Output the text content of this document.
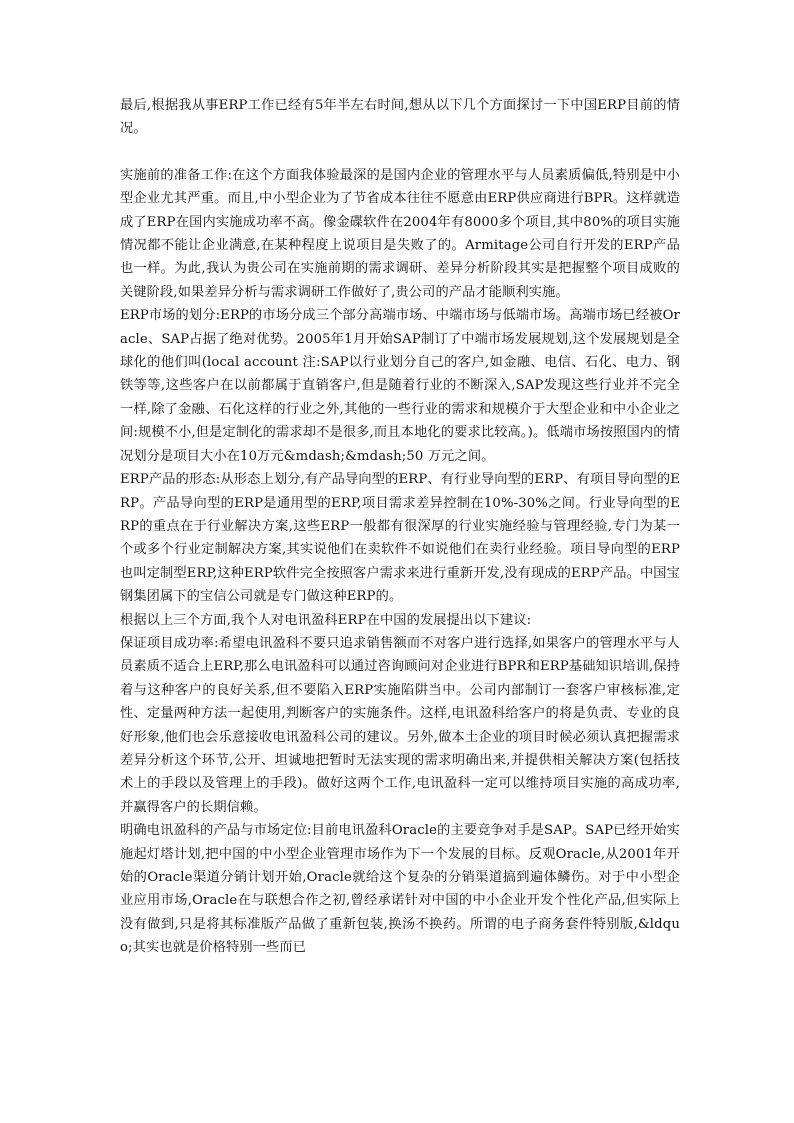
最后,根据我从事ERP工作已经有5年半左右时间,想从以下几个方面探讨一下中国ERP目前的情况。

实施前的准备工作:在这个方面我体验最深的是国内企业的管理水平与人员素质偏低,特别是中小型企业尤其严重。而且,中小型企业为了节省成本往往不愿意由ERP供应商进行BPR。这样就造成了ERP在国内实施成功率不高。像金碟软件在2004年有8000多个项目,其中80%的项目实施情况都不能让企业满意,在某种程度上说项目是失败了的。Armitage公司自行开发的ERP产品也一样。为此,我认为贵公司在实施前期的需求调研、差异分析阶段其实是把握整个项目成败的关键阶段,如果差异分析与需求调研工作做好了,贵公司的产品才能顺利实施。

ERP市场的划分:ERP的市场分成三个部分高端市场、中端市场与低端市场。高端市场已经被Oracle、SAP占据了绝对优势。2005年1月开始SAP制订了中端市场发展规划,这个发展规划是全球化的他们叫(local account 注:SAP以行业划分自己的客户,如金融、电信、石化、电力、钢铁等等,这些客户在以前都属于直销客户,但是随着行业的不断深入,SAP发现这些行业并不完全一样,除了金融、石化这样的行业之外,其他的一些行业的需求和规模介于大型企业和中小企业之间:规模不小,但是定制化的需求却不是很多,而且本地化的要求比较高。)。低端市场按照国内的情况划分是项目大小在10万元&mdash;&mdash;50 万元之间。

ERP产品的形态:从形态上划分,有产品导向型的ERP、有行业导向型的ERP、有项目导向型的ERP。产品导向型的ERP是通用型的ERP,项目需求差异控制在10%-30%之间。行业导向型的ERP的重点在于行业解决方案,这些ERP一般都有很深厚的行业实施经验与管理经验,专门为某一个或多个行业定制解决方案,其实说他们在卖软件不如说他们在卖行业经验。项目导向型的ERP也叫定制型ERP,这种ERP软件完全按照客户需求来进行重新开发,没有现成的ERP产品。中国宝钢集团属下的宝信公司就是专门做这种ERP的。

根据以上三个方面,我个人对电讯盈科ERP在中国的发展提出以下建议:

保证项目成功率:希望电讯盈科不要只追求销售额而不对客户进行选择,如果客户的管理水平与人员素质不适合上ERP,那么电讯盈科可以通过咨询顾问对企业进行BPR和ERP基础知识培训,保持着与这种客户的良好关系,但不要陷入ERP实施陷阱当中。公司内部制订一套客户审核标准,定性、定量两种方法一起使用,判断客户的实施条件。这样,电讯盈科给客户的将是负责、专业的良好形象,他们也会乐意接收电讯盈科公司的建议。另外,做本土企业的项目时候必须认真把握需求差异分析这个环节,公开、坦诚地把暂时无法实现的需求明确出来,并提供相关解决方案(包括技术上的手段以及管理上的手段)。做好这两个工作,电讯盈科一定可以维持项目实施的高成功率,并赢得客户的长期信赖。

明确电讯盈科的产品与市场定位:目前电讯盈科Oracle的主要竞争对手是SAP。SAP已经开始实施起灯塔计划,把中国的中小型企业管理市场作为下一个发展的目标。反观Oracle,从2001年开始的Oracle渠道分销计划开始,Oracle就给这个复杂的分销渠道搞到遍体鳞伤。对于中小型企业应用市场,Oracle在与联想合作之初,曾经承诺针对中国的中小企业开发个性化产品,但实际上没有做到,只是将其标准版产品做了重新包装,换汤不换药。所谓的电子商务套件特别版,&ldquo;其实也就是价格特别一些而已
